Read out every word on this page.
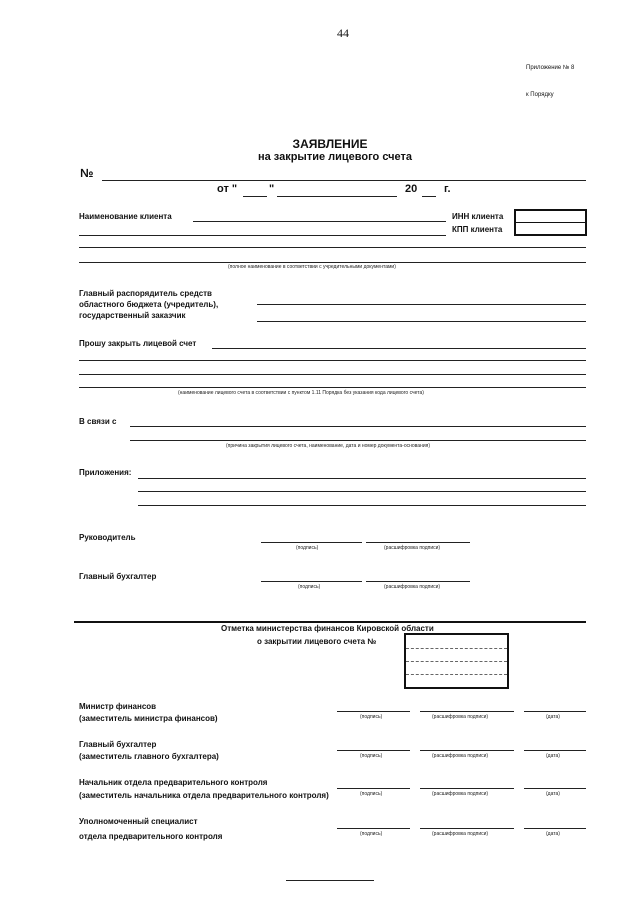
44
Приложение № 8
к Порядку
ЗАЯВЛЕНИЕ
на закрытие лицевого счета
№
от "	"	20 г.
Наименование клиента	ИНН клиента
КПП клиента
(полное наименование в соответствии с учредительными документами)
Главный распорядитель средств
областного бюджета (учредитель),
государственный заказчик
Прошу закрыть лицевой счет
(наименование лицевого счета в соответствии с пунктом 1.11 Порядка без указания кода лицевого счета)
В связи с
(причина закрытия лицевого счета, наименование, дата и номер документа-основания)
Приложения:
Руководитель
(подпись)	(расшифровка подписи)
Главный бухгалтер
(подпись)	(расшифровка подписи)
Отметка министерства финансов Кировской области
о закрытии лицевого счета №
Министр финансов
(заместитель министра финансов)	(подпись)	(расшифровка подписи)	(дата)
Главный бухгалтер
(заместитель главного бухгалтера)	(подпись)	(расшифровка подписи)	(дата)
Начальник отдела предварительного контроля
(заместитель начальника отдела предварительного контроля)	(подпись)	(расшифровка подписи)	(дата)
Уполномоченный специалист
отдела предварительного контроля	(подпись)	(расшифровка подписи)	(дата)
